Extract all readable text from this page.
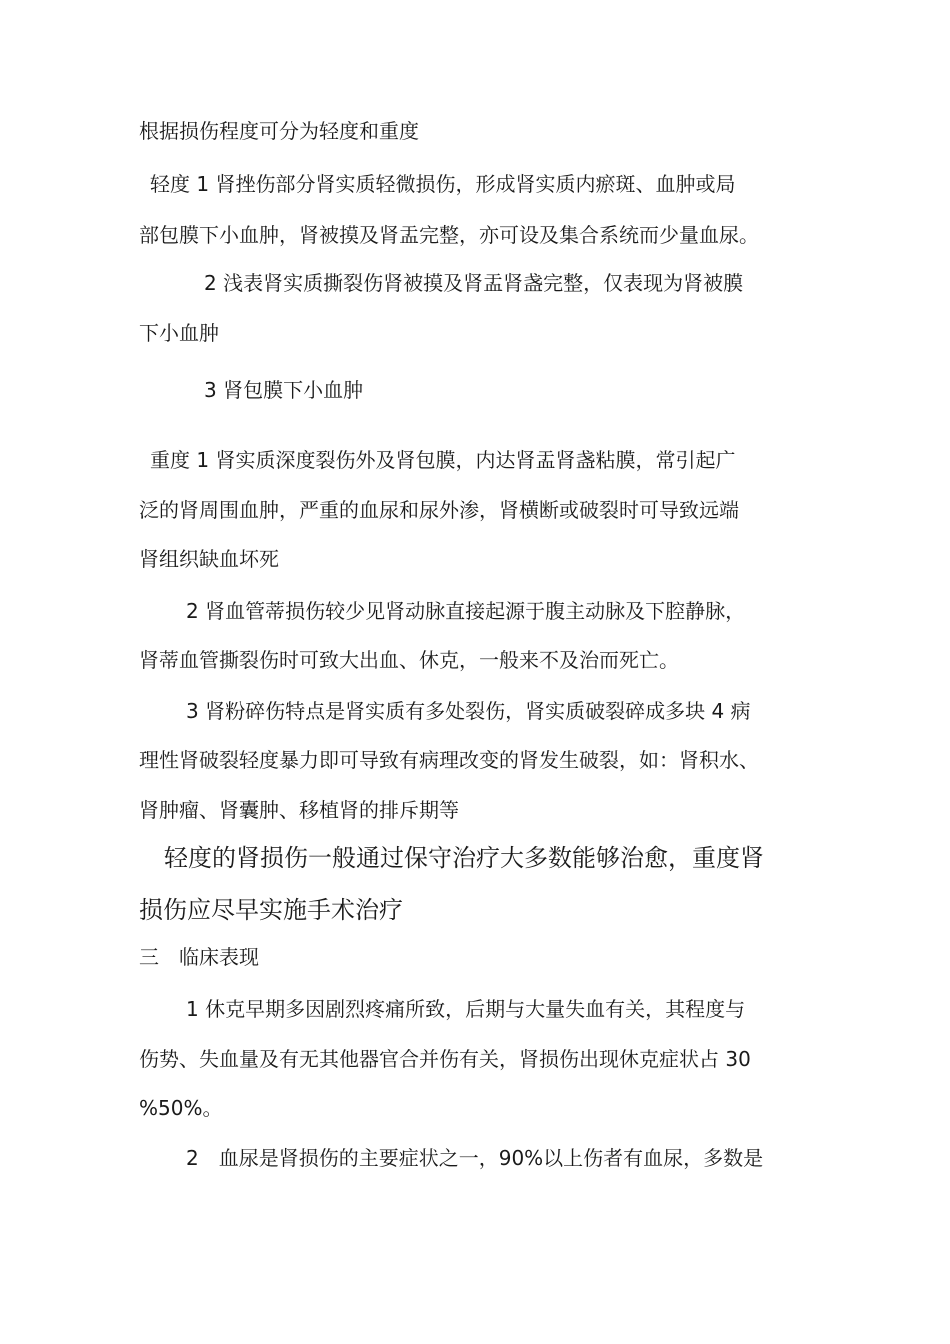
根据损伤程度可分为轻度和重度
轻度 1 肾挫伤部分肾实质轻微损伤，形成肾实质内瘀斑、血肿或局
部包膜下小血肿，肾被摸及肾盂完整，亦可设及集合系统而少量血尿。
2 浅表肾实质撕裂伤肾被摸及肾盂肾盏完整，仅表现为肾被膜
下小血肿
3 肾包膜下小血肿
重度 1 肾实质深度裂伤外及肾包膜，内达肾盂肾盏粘膜，常引起广
泛的肾周围血肿，严重的血尿和尿外渗，肾横断或破裂时可导致远端
肾组织缺血坏死
2 肾血管蒂损伤较少见肾动脉直接起源于腹主动脉及下腔静脉，
肾蒂血管撕裂伤时可致大出血、休克，一般来不及治而死亡。
3 肾粉碎伤特点是肾实质有多处裂伤，肾实质破裂碎成多块 4 病
理性肾破裂轻度暴力即可导致有病理改变的肾发生破裂，如：肾积水、
肾肿瘤、肾囊肿、移植肾的排斥期等
轻度的肾损伤一般通过保守治疗大多数能够治愈，重度肾
损伤应尽早实施手术治疗
三　临床表现
1 休克早期多因剧烈疼痛所致，后期与大量失血有关，其程度与
伤势、失血量及有无其他器官合并伤有关，肾损伤出现休克症状占 30
%50%。
2　血尿是肾损伤的主要症状之一，90%以上伤者有血尿，多数是
